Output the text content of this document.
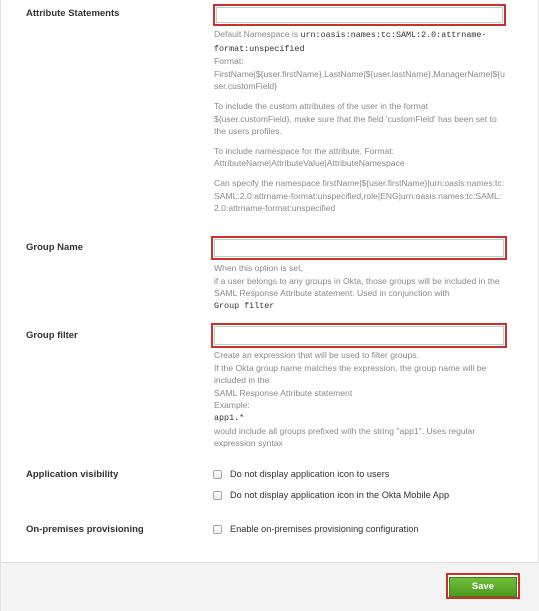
Attribute Statements

Default Namespace is urn:oasis:names:tc:SAML:2.0:attrname-format:unspecified

Format:

FirstName|${user.firstName},LastName|${user.lastName},ManagerName|${user.customField}

To include the custom attributes of the user in the format ${user.customField}, make sure that the field 'customField' has been set to the users profiles.

To include namespace for the attribute, Format: AttributeName|AttributeValue|AttributeNamespace

Can specify the namespace firstName|${user.firstName}|urn:oasis:names:tc:SAML:2.0:attrname-format:unspecified,role|ENG|urn:oasis:names:tc:SAML:2.0:attrname-format:unspecified

Group Name

When this option is set,

if a user belongs to any groups in Okta, those groups will be included in the SAML Response Attribute statement. Used in conjunction with

Group filter

Group filter

Create an expression that will be used to filter groups.

If the Okta group name matches the expression, the group name will be included in the

SAML Response Attribute statement

Example:

app1.*

would include all groups prefixed with the string "app1". Uses regular expression syntax

Application visibility	Do not display application icon to users
Do not display application icon in the Okta Mobile App
On-premises provisioning	Enable on-premises provisioning configuration
Save
